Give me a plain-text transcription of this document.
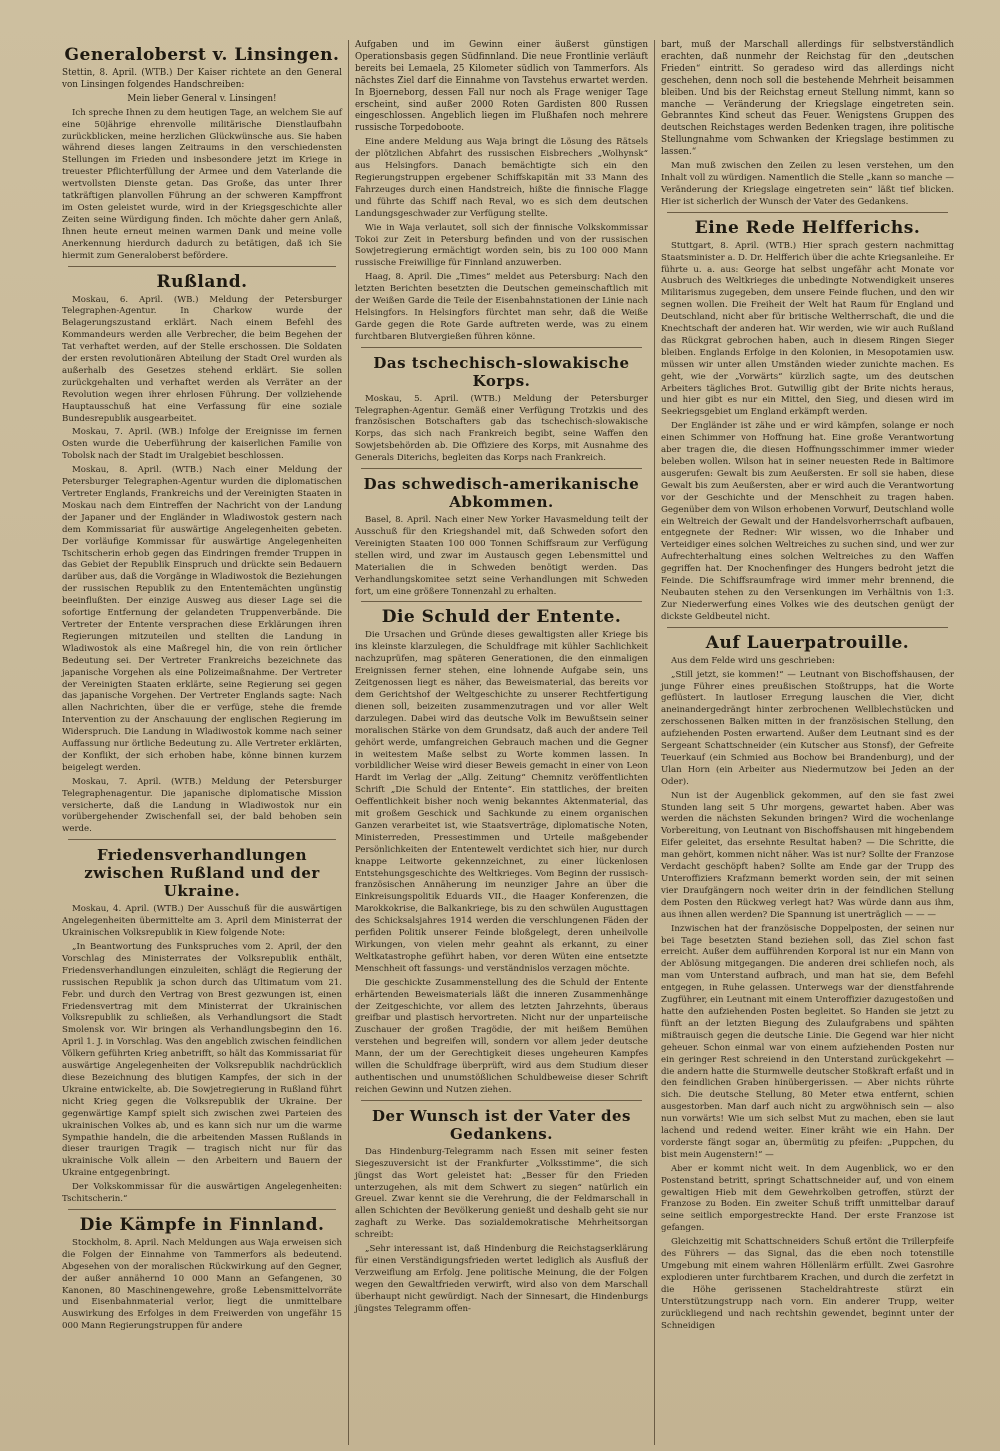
Generaloberst v. Linsingen.

Stettin, 8. April. (WTB.) Der Kaiser richtete an den General von Linsingen folgendes Handschreiben:

Mein lieber General v. Linsingen!

Ich spreche Ihnen zu dem heutigen Tage, an welchem Sie auf eine 50jährige ehrenvolle militärische Dienstlaufbahn zurückblicken, meine herzlichen Glückwünsche aus. Sie haben während dieses langen Zeitraums in den verschiedensten Stellungen im Frieden und insbesondere jetzt im Kriege in treuester Pflichterfüllung der Armee und dem Vaterlande die wertvollsten Dienste getan. Das Große, das unter Ihrer tatkräftigen planvollen Führung an der schweren Kampffront im Osten geleistet wurde, wird in der Kriegsgeschichte aller Zeiten seine Würdigung finden. Ich möchte daher gern Anlaß, Ihnen heute erneut meinen warmen Dank und meine volle Anerkennung hierdurch dadurch zu betätigen, daß ich Sie hiermit zum Generaloberst befördere.

Rußland.

Moskau, 6. April. (WB.) Meldung der Petersburger Telegraphen-Agentur. In Charkow wurde der Belagerungszustand erklärt. Nach einem Befehl des Kommandeurs werden alle Verbrecher, die beim Begehen der Tat verhaftet werden, auf der Stelle erschossen. Die Soldaten der ersten revolutionären Abteilung der Stadt Orel wurden als außerhalb des Gesetzes stehend erklärt. Sie sollen zurückgehalten und verhaftet werden als Verräter an der Revolution wegen ihrer ehrlosen Führung. Der vollziehende Hauptausschuß hat eine Verfassung für eine soziale Bundesrepublik ausgearbeitet.

Moskau, 7. April. (WB.) Infolge der Ereignisse im fernen Osten wurde die Ueberführung der kaiserlichen Familie von Tobolsk nach der Stadt im Uralgebiet beschlossen.

Moskau, 8. April. (WTB.) Nach einer Meldung der Petersburger Telegraphen-Agentur wurden die diplomatischen Vertreter Englands, Frankreichs und der Vereinigten Staaten in Moskau nach dem Eintreffen der Nachricht von der Landung der Japaner und der Engländer in Wladiwostok gestern nach dem Kommissariat für auswärtige Angelegenheiten gebeten. Der vorläufige Kommissar für auswärtige Angelegenheiten Tschitscherin erhob gegen das Eindringen fremder Truppen in das Gebiet der Republik Einspruch und drückte sein Bedauern darüber aus, daß die Vorgänge in Wladiwostok die Beziehungen der russischen Republik zu den Ententemächten ungünstig beeinflußten. Der einzige Ausweg aus dieser Lage sei die sofortige Entfernung der gelandeten Truppenverbände. Die Vertreter der Entente versprachen diese Erklärungen ihren Regierungen mitzuteilen und stellten die Landung in Wladiwostok als eine Maßregel hin, die von rein örtlicher Bedeutung sei. Der Vertreter Frankreichs bezeichnete das japanische Vorgehen als eine Polizeimaßnahme. Der Vertreter der Vereinigten Staaten erklärte, seine Regierung sei gegen das japanische Vorgehen. Der Vertreter Englands sagte: Nach allen Nachrichten, über die er verfüge, stehe die fremde Intervention zu der Anschauung der englischen Regierung im Widerspruch. Die Landung in Wladiwostok komme nach seiner Auffassung nur örtliche Bedeutung zu. Alle Vertreter erklärten, der Konflikt, der sich erhoben habe, könne binnen kurzem beigelegt werden.

Moskau, 7. April. (WTB.) Meldung der Petersburger Telegraphenagentur. Die japanische diplomatische Mission versicherte, daß die Landung in Wladiwostok nur ein vorübergehender Zwischenfall sei, der bald behoben sein werde.

Friedensverhandlungen zwischen Rußland und der Ukraine.

Moskau, 4. April. (WTB.) Der Ausschuß für die auswärtigen Angelegenheiten übermittelte am 3. April dem Ministerrat der Ukrainischen Volksrepublik in Kiew folgende Note:

„In Beantwortung des Funkspruches vom 2. April, der den Vorschlag des Ministerrates der Volksrepublik enthält, Friedensverhandlungen einzuleiten, schlägt die Regierung der russischen Republik ja schon durch das Ultimatum vom 21. Febr. und durch den Vertrag von Brest gezwungen ist, einen Friedensvertrag mit dem Ministerrat der Ukrainischen Volksrepublik zu schließen, als Verhandlungsort die Stadt Smolensk vor. Wir bringen als Verhandlungsbeginn den 16. April 1. J. in Vorschlag. Was den angeblich zwischen feindlichen Völkern geführten Krieg anbetrifft, so hält das Kommissariat für auswärtige Angelegenheiten der Volksrepublik nachdrücklich diese Bezeichnung des blutigen Kampfes, der sich in der Ukraine entwickelte, ab. Die Sowjetregierung in Rußland führt nicht Krieg gegen die Volksrepublik der Ukraine. Der gegenwärtige Kampf spielt sich zwischen zwei Parteien des ukrainischen Volkes ab, und es kann sich nur um die warme Sympathie handeln, die die arbeitenden Massen Rußlands in dieser traurigen Tragik — tragisch nicht nur für das ukrainische Volk allein — den Arbeitern und Bauern der Ukraine entgegenbringt.

Der Volkskommissar für die auswärtigen Angelegenheiten: Tschitscherin.“

Die Kämpfe in Finnland.

Stockholm, 8. April. Nach Meldungen aus Waja erweisen sich die Folgen der Einnahme von Tammerfors als bedeutend. Abgesehen von der moralischen Rückwirkung auf den Gegner, der außer annähernd 10 000 Mann an Gefangenen, 30 Kanonen, 80 Maschinengewehre, große Lebensmittelvorräte und Eisenbahnmaterial verlor, liegt die unmittelbare Auswirkung des Erfolges in dem Freiwerden von ungefähr 15 000 Mann Regierungstruppen für andere

Aufgaben und im Gewinn einer äußerst günstigen Operationsbasis gegen Südfinnland. Die neue Frontlinie verläuft bereits bei Lemaela, 25 Kilometer südlich von Tammerfors. Als nächstes Ziel darf die Einnahme von Tavstehus erwartet werden. In Bjoerneborg, dessen Fall nur noch als Frage weniger Tage erscheint, sind außer 2000 Roten Gardisten 800 Russen eingeschlossen. Angeblich liegen im Flußhafen noch mehrere russische Torpedoboote.

Eine andere Meldung aus Waja bringt die Lösung des Rätsels der plötzlichen Abfahrt des russischen Eisbrechers „Wolhynsk“ aus Helsingfors. Danach bemächtigte sich ein den Regierungstruppen ergebener Schiffskapitän mit 33 Mann des Fahrzeuges durch einen Handstreich, hißte die finnische Flagge und führte das Schiff nach Reval, wo es sich dem deutschen Landungsgeschwader zur Verfügung stellte.

Wie in Waja verlautet, soll sich der finnische Volkskommissar Tokoi zur Zeit in Petersburg befinden und von der russischen Sowjetregierung ermächtigt worden sein, bis zu 100 000 Mann russische Freiwillige für Finnland anzuwerben.

Haag, 8. April. Die „Times“ meldet aus Petersburg: Nach den letzten Berichten besetzten die Deutschen gemeinschaftlich mit der Weißen Garde die Teile der Eisenbahnstationen der Linie nach Helsingfors. In Helsingfors fürchtet man sehr, daß die Weiße Garde gegen die Rote Garde auftreten werde, was zu einem furchtbaren Blutvergießen führen könne.

Das tschechisch-slowakische Korps.

Moskau, 5. April. (WTB.) Meldung der Petersburger Telegraphen-Agentur. Gemäß einer Verfügung Trotzkis und des französischen Botschafters gab das tschechisch-slowakische Korps, das sich nach Frankreich begibt, seine Waffen den Sowjetsbehörden ab. Die Offiziere des Korps, mit Ausnahme des Generals Diterichs, begleiten das Korps nach Frankreich.

Das schwedisch-amerikanische Abkommen.

Basel, 8. April. Nach einer New Yorker Havasmeldung teilt der Ausschuß für den Kriegshandel mit, daß Schweden sofort den Vereinigten Staaten 100 000 Tonnen Schiffsraum zur Verfügung stellen wird, und zwar im Austausch gegen Lebensmittel und Materialien die in Schweden benötigt werden. Das Verhandlungskomitee setzt seine Verhandlungen mit Schweden fort, um eine größere Tonnenzahl zu erhalten.

Die Schuld der Entente.

Die Ursachen und Gründe dieses gewaltigsten aller Kriege bis ins kleinste klarzulegen, die Schuldfrage mit kühler Sachlichkeit nachzuprüfen, mag späteren Generationen, die den einmaligen Ereignissen ferner stehen, eine lohnende Aufgabe sein, uns Zeitgenossen liegt es näher, das Beweismaterial, das bereits vor dem Gerichtshof der Weltgeschichte zu unserer Rechtfertigung dienen soll, beizeiten zusammenzutragen und vor aller Welt darzulegen. Dabei wird das deutsche Volk im Bewußtsein seiner moralischen Stärke von dem Grundsatz, daß auch der andere Teil gehört werde, umfangreichen Gebrauch machen und die Gegner in weitestem Maße selbst zu Worte kommen lassen. In vorbildlicher Weise wird dieser Beweis gemacht in einer von Leon Hardt im Verlag der „Allg. Zeitung“ Chemnitz veröffentlichten Schrift „Die Schuld der Entente“. Ein stattliches, der breiten Oeffentlichkeit bisher noch wenig bekanntes Aktenmaterial, das mit großem Geschick und Sachkunde zu einem organischen Ganzen verarbeitet ist, wie Staatsverträge, diplomatische Noten, Ministerreden, Pressestimmen und Urteile maßgebender Persönlichkeiten der Ententewelt verdichtet sich hier, nur durch knappe Leitworte gekennzeichnet, zu einer lückenlosen Entstehungsgeschichte des Weltkrieges. Vom Beginn der russisch-französischen Annäherung im neunziger Jahre an über die Einkreisungspolitik Eduards VII., die Haager Konferenzen, die Marokkokrise, die Balkankriege, bis zu den schwülen Augusttagen des Schicksalsjahres 1914 werden die verschlungenen Fäden der perfiden Politik unserer Feinde bloßgelegt, deren unheilvolle Wirkungen, von vielen mehr geahnt als erkannt, zu einer Weltkatastrophe geführt haben, vor deren Wüten eine entsetzte Menschheit oft fassungs- und verständnislos verzagen möchte.

Die geschickte Zusammenstellung des die Schuld der Entente erhärtenden Beweismaterials läßt die inneren Zusammenhänge der Zeitgeschichte, vor allem des letzten Jahrzehnts, überaus greifbar und plastisch hervortreten. Nicht nur der unparteiische Zuschauer der großen Tragödie, der mit heißem Bemühen verstehen und begreifen will, sondern vor allem jeder deutsche Mann, der um der Gerechtigkeit dieses ungeheuren Kampfes willen die Schuldfrage überprüft, wird aus dem Studium dieser authentischen und unumstößlichen Schuldbeweise dieser Schrift reichen Gewinn und Nutzen ziehen.

Der Wunsch ist der Vater des Gedankens.

Das Hindenburg-Telegramm nach Essen mit seiner festen Siegeszuversicht ist der Frankfurter „Volksstimme“, die sich jüngst das Wort geleistet hat: „Besser für den Frieden unterzugehen, als mit dem Schwert zu siegen“ natürlich ein Greuel. Zwar kennt sie die Verehrung, die der Feldmarschall in allen Schichten der Bevölkerung genießt und deshalb geht sie nur zaghaft zu Werke. Das sozialdemokratische Mehrheitsorgan schreibt:

„Sehr interessant ist, daß Hindenburg die Reichstagserklärung für einen Verständigungsfrieden wertet lediglich als Ausfluß der Verzweiflung am Erfolg. Jene politische Meinung, die der Folgen wegen den Gewaltfrieden verwirft, wird also von dem Marschall überhaupt nicht gewürdigt. Nach der Sinnesart, die Hindenburgs jüngstes Telegramm offen-

bart, muß der Marschall allerdings für selbstverständlich erachten, daß nunmehr der Reichstag für den „deutschen Frieden“ eintritt. So geradeso wird das allerdings nicht geschehen, denn noch soll die bestehende Mehrheit beisammen bleiben. Und bis der Reichstag erneut Stellung nimmt, kann so manche — Veränderung der Kriegslage eingetreten sein. Gebranntes Kind scheut das Feuer. Wenigstens Gruppen des deutschen Reichstages werden Bedenken tragen, ihre politische Stellungnahme vom Schwanken der Kriegslage bestimmen zu lassen.“

Man muß zwischen den Zeilen zu lesen verstehen, um den Inhalt voll zu würdigen. Namentlich die Stelle „kann so manche — Veränderung der Kriegslage eingetreten sein“ läßt tief blicken. Hier ist sicherlich der Wunsch der Vater des Gedankens.

Eine Rede Helfferichs.

Stuttgart, 8. April. (WTB.) Hier sprach gestern nachmittag Staatsminister a. D. Dr. Helfferich über die achte Kriegsanleihe. Er führte u. a. aus: George hat selbst ungefähr acht Monate vor Ausbruch des Weltkrieges die unbedingte Notwendigkeit unseres Militarismus zugegeben, dem unsere Feinde fluchen, und den wir segnen wollen. Die Freiheit der Welt hat Raum für England und Deutschland, nicht aber für britische Weltherrschaft, die und die Knechtschaft der anderen hat. Wir werden, wie wir auch Rußland das Rückgrat gebrochen haben, auch in diesem Ringen Sieger bleiben. Englands Erfolge in den Kolonien, in Mesopotamien usw. müssen wir unter allen Umständen wieder zunichte machen. Es geht, wie der „Vorwärts“ kürzlich sagte, um des deutschen Arbeiters tägliches Brot. Gutwillig gibt der Brite nichts heraus, und hier gibt es nur ein Mittel, den Sieg, und diesen wird im Seekriegsgebiet um England erkämpft werden.

Der Engländer ist zähe und er wird kämpfen, solange er noch einen Schimmer von Hoffnung hat. Eine große Verantwortung aber tragen die, die diesen Hoffnungsschimmer immer wieder beleben wollen. Wilson hat in seiner neuesten Rede in Baltimore ausgerufen: Gewalt bis zum Aeußersten. Er soll sie haben, diese Gewalt bis zum Aeußersten, aber er wird auch die Verantwortung vor der Geschichte und der Menschheit zu tragen haben. Gegenüber dem von Wilson erhobenen Vorwurf, Deutschland wolle ein Weltreich der Gewalt und der Handelsvorherrschaft aufbauen, entgegnete der Redner: Wir wissen, wo die Inhaber und Verteidiger eines solchen Weltreiches zu suchen sind, und wer zur Aufrechterhaltung eines solchen Weltreiches zu den Waffen gegriffen hat. Der Knochenfinger des Hungers bedroht jetzt die Feinde. Die Schiffsraumfrage wird immer mehr brennend, die Neubauten stehen zu den Versenkungen im Verhältnis von 1:3. Zur Niederwerfung eines Volkes wie des deutschen genügt der dickste Geldbeutel nicht.

Auf Lauerpatrouille.

Aus dem Felde wird uns geschrieben:

„Still jetzt, sie kommen!“ — Leutnant von Bischoffshausen, der junge Führer eines preußischen Stoßtrupps, hat die Worte geflüstert. In lautloser Erregung lauschen die Vier, dicht aneinandergedrängt hinter zerbrochenen Wellblechstücken und zerschossenen Balken mitten in der französischen Stellung, den aufziehenden Posten erwartend. Außer dem Leutnant sind es der Sergeant Schattschneider (ein Kutscher aus Stonsf), der Gefreite Teuerkauf (ein Schmied aus Bochow bei Brandenburg), und der Ulan Horn (ein Arbeiter aus Niedermutzow bei Jeden an der Oder).

Nun ist der Augenblick gekommen, auf den sie fast zwei Stunden lang seit 5 Uhr morgens, gewartet haben. Aber was werden die nächsten Sekunden bringen? Wird die wochenlange Vorbereitung, von Leutnant von Bischoffshausen mit hingebendem Eifer geleitet, das ersehnte Resultat haben? — Die Schritte, die man gehört, kommen nicht näher. Was ist nur? Sollte der Franzose Verdacht geschöpft haben? Sollte am Ende gar der Trupp des Unteroffiziers Krafzmann bemerkt worden sein, der mit seinen vier Draufgängern noch weiter drin in der feindlichen Stellung dem Posten den Rückweg verlegt hat? Was würde dann aus ihm, aus ihnen allen werden? Die Spannung ist unerträglich — — —

Inzwischen hat der französische Doppelposten, der seinen nur bei Tage besetzten Stand beziehen soll, das Ziel schon fast erreicht. Außer dem aufführenden Korporal ist nur ein Mann von der Ablösung mitgegangen. Die anderen drei schliefen noch, als man vom Unterstand aufbrach, und man hat sie, dem Befehl entgegen, in Ruhe gelassen. Unterwegs war der dienstfahrende Zugführer, ein Leutnant mit einem Unteroffizier dazugestoßen und hatte den aufziehenden Posten begleitet. So Handen sie jetzt zu fünft an der letzten Biegung des Zulaufgrabens und spähten mißtrauisch gegen die deutsche Linie. Die Gegend war hier nicht geheuer. Schon einmal war von einem aufziehenden Posten nur ein geringer Rest schreiend in den Unterstand zurückgekehrt — die andern hatte die Sturmwelle deutscher Stoßkraft erfaßt und in den feindlichen Graben hinübergerissen. — Aber nichts rührte sich. Die deutsche Stellung, 80 Meter etwa entfernt, schien ausgestorben. Man darf auch nicht zu argwöhnisch sein — also nun vorwärts! Wie um sich selbst Mut zu machen, eben sie laut lachend und redend weiter. Einer kräht wie ein Hahn. Der vorderste fängt sogar an, übermütig zu pfeifen: „Puppchen, du bist mein Augenstern!“ —

Aber er kommt nicht weit. In dem Augenblick, wo er den Postenstand betritt, springt Schattschneider auf, und von einem gewaltigen Hieb mit dem Gewehrkolben getroffen, stürzt der Franzose zu Boden. Ein zweiter Schuß trifft unmittelbar darauf seine seitlich emporgestreckte Hand. Der erste Franzose ist gefangen.

Gleichzeitig mit Schattschneiders Schuß ertönt die Trillerpfeife des Führers — das Signal, das die eben noch totenstille Umgebung mit einem wahren Höllenlärm erfüllt. Zwei Gasrohre explodieren unter furchtbarem Krachen, und durch die zerfetzt in die Höhe gerissenen Stacheldrahtreste stürzt ein Unterstützungstrupp nach vorn. Ein anderer Trupp, weiter zurückliegend und nach rechtshin gewendet, beginnt unter der Schneidigen
